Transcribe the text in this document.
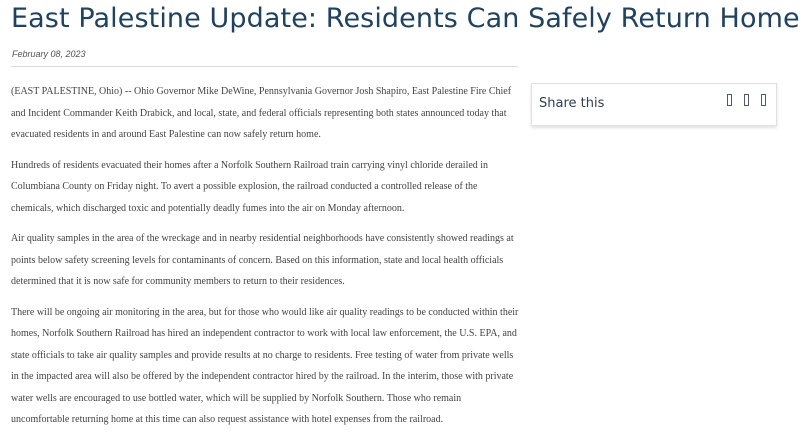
East Palestine Update: Residents Can Safely Return Home
February 08, 2023

(EAST PALESTINE, Ohio) -- Ohio Governor Mike DeWine, Pennsylvania Governor Josh Shapiro, East Palestine Fire Chief and Incident Commander Keith Drabick, and local, state, and federal officials representing both states announced today that evacuated residents in and around East Palestine can now safely return home.

Hundreds of residents evacuated their homes after a Norfolk Southern Railroad train carrying vinyl chloride derailed in Columbiana County on Friday night. To avert a possible explosion, the railroad conducted a controlled release of the chemicals, which discharged toxic and potentially deadly fumes into the air on Monday afternoon.

Air quality samples in the area of the wreckage and in nearby residential neighborhoods have consistently showed readings at points below safety screening levels for contaminants of concern. Based on this information, state and local health officials determined that it is now safe for community members to return to their residences.

There will be ongoing air monitoring in the area, but for those who would like air quality readings to be conducted within their homes, Norfolk Southern Railroad has hired an independent contractor to work with local law enforcement, the U.S. EPA, and state officials to take air quality samples and provide results at no charge to residents. Free testing of water from private wells in the impacted area will also be offered by the independent contractor hired by the railroad. In the interim, those with private water wells are encouraged to use bottled water, which will be supplied by Norfolk Southern. Those who remain uncomfortable returning home at this time can also request assistance with hotel expenses from the railroad.

Share this
